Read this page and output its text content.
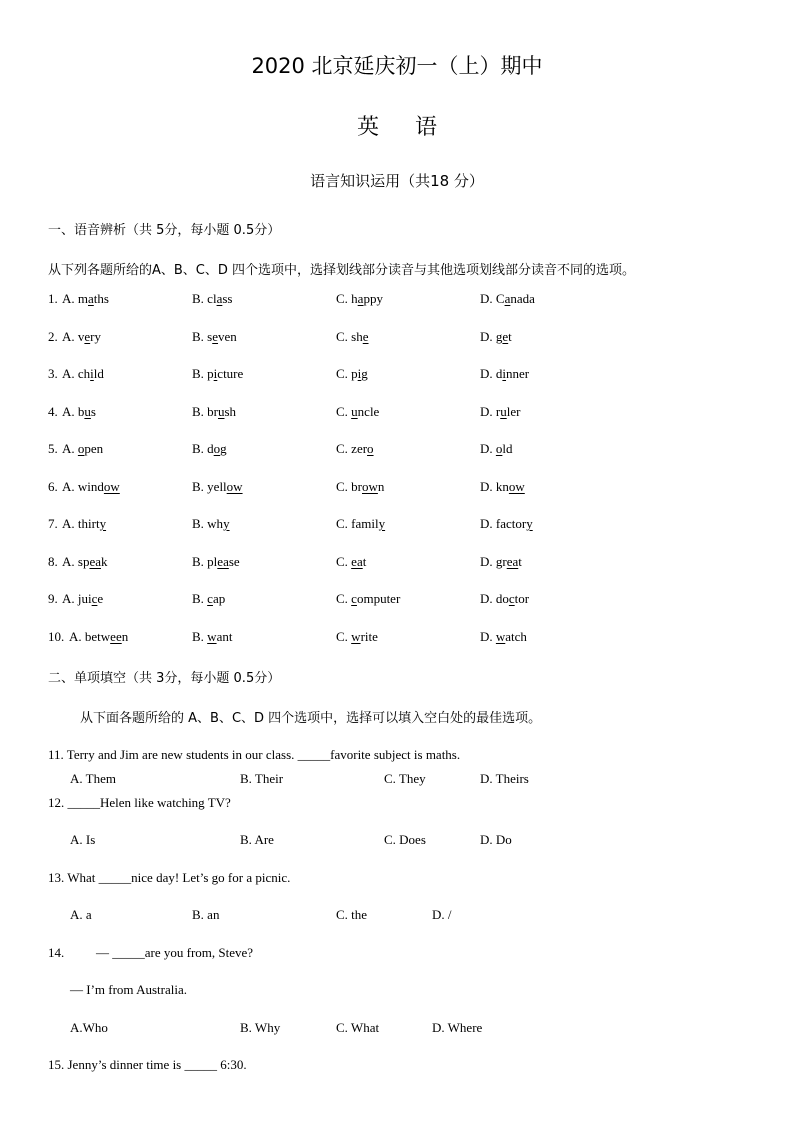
2020 北京延庆初一（上）期中
英语
语言知识运用（共18 分）
一、语音辨析（共 5分，每小题 0.5分）
从下列各题所给的A、B、C、D 四个选项中，选择划线部分读音与其他选项划线部分读音不同的选项。
1. A. maths	B. class	C. happy	D. Canada
2. A. very	B. seven	C. she	D. get
3. A. child	B. picture	C. pig	D. dinner
4. A. bus	B. brush	C. uncle	D. ruler
5. A. open	B. dog	C. zero	D. old
6. A. window	B. yellow	C. brown	D. know
7. A. thirty	B. why	C. family	D. factory
8. A. speak	B. please	C. eat	D. great
9. A. juice	B. cap	C. computer	D. doctor
10. A. between	B. want	C. write	D. watch
二、单项填空（共 3分，每小题 0.5分）
从下面各题所给的 A、B、C、D 四个选项中，选择可以填入空白处的最佳选项。
11. Terry and Jim are new students in our class. _____favorite subject is maths.
A. Them	B. Their	C. They	D. Theirs
12. _____Helen like watching TV?
A. Is	B. Are	C. Does	D. Do
13. What _____nice day! Let’s go for a picnic.
A. a	B. an	C. the	D. /
14. — _____are you from, Steve?
— I’m from Australia.
A.Who	B. Why	C. What	D. Where
15. Jenny’s dinner time is _____ 6:30.
